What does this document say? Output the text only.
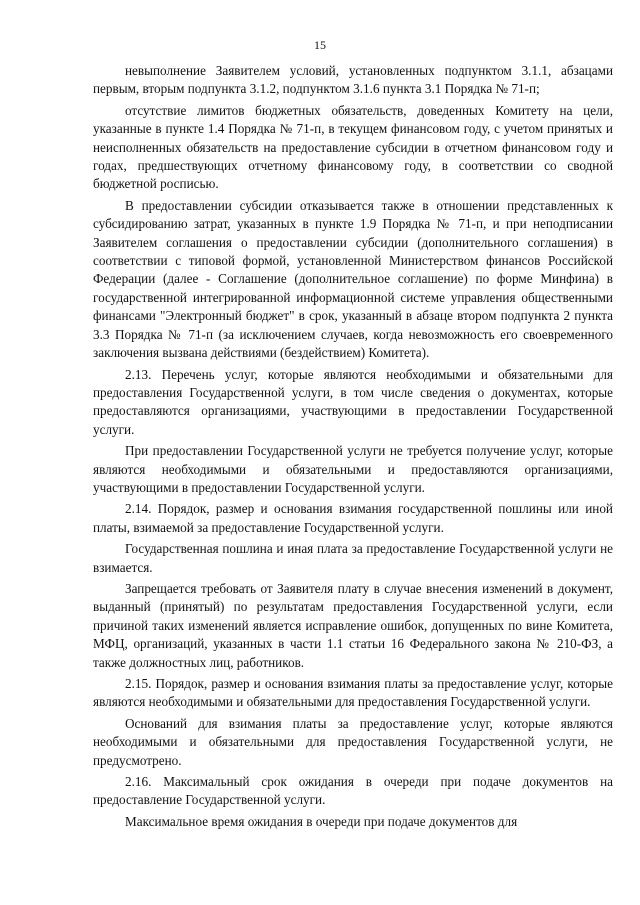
15

невыполнение Заявителем условий, установленных подпунктом 3.1.1, абзацами первым, вторым подпункта 3.1.2, подпунктом 3.1.6 пункта 3.1 Порядка № 71-п;

отсутствие лимитов бюджетных обязательств, доведенных Комитету на цели, указанные в пункте 1.4 Порядка № 71-п, в текущем финансовом году, с учетом принятых и неисполненных обязательств на предоставление субсидии в отчетном финансовом году и годах, предшествующих отчетному финансовому году, в соответствии со сводной бюджетной росписью.

В предоставлении субсидии отказывается также в отношении представленных к субсидированию затрат, указанных в пункте 1.9 Порядка № 71-п, и при неподписании Заявителем соглашения о предоставлении субсидии (дополнительного соглашения) в соответствии с типовой формой, установленной Министерством финансов Российской Федерации (далее - Соглашение (дополнительное соглашение) по форме Минфина) в государственной интегрированной информационной системе управления общественными финансами "Электронный бюджет" в срок, указанный в абзаце втором подпункта 2 пункта 3.3 Порядка № 71-п (за исключением случаев, когда невозможность его своевременного заключения вызвана действиями (бездействием) Комитета).

2.13. Перечень услуг, которые являются необходимыми и обязательными для предоставления Государственной услуги, в том числе сведения о документах, которые предоставляются организациями, участвующими в предоставлении Государственной услуги.

При предоставлении Государственной услуги не требуется получение услуг, которые являются необходимыми и обязательными и предоставляются организациями, участвующими в предоставлении Государственной услуги.

2.14. Порядок, размер и основания взимания государственной пошлины или иной платы, взимаемой за предоставление Государственной услуги.

Государственная пошлина и иная плата за предоставление Государственной услуги не взимается.

Запрещается требовать от Заявителя плату в случае внесения изменений в документ, выданный (принятый) по результатам предоставления Государственной услуги, если причиной таких изменений является исправление ошибок, допущенных по вине Комитета, МФЦ, организаций, указанных в части 1.1 статьи 16 Федерального закона № 210-ФЗ, а также должностных лиц, работников.

2.15. Порядок, размер и основания взимания платы за предоставление услуг, которые являются необходимыми и обязательными для предоставления Государственной услуги.

Оснований для взимания платы за предоставление услуг, которые являются необходимыми и обязательными для предоставления Государственной услуги, не предусмотрено.

2.16. Максимальный срок ожидания в очереди при подаче документов на предоставление Государственной услуги.

Максимальное время ожидания в очереди при подаче документов для
